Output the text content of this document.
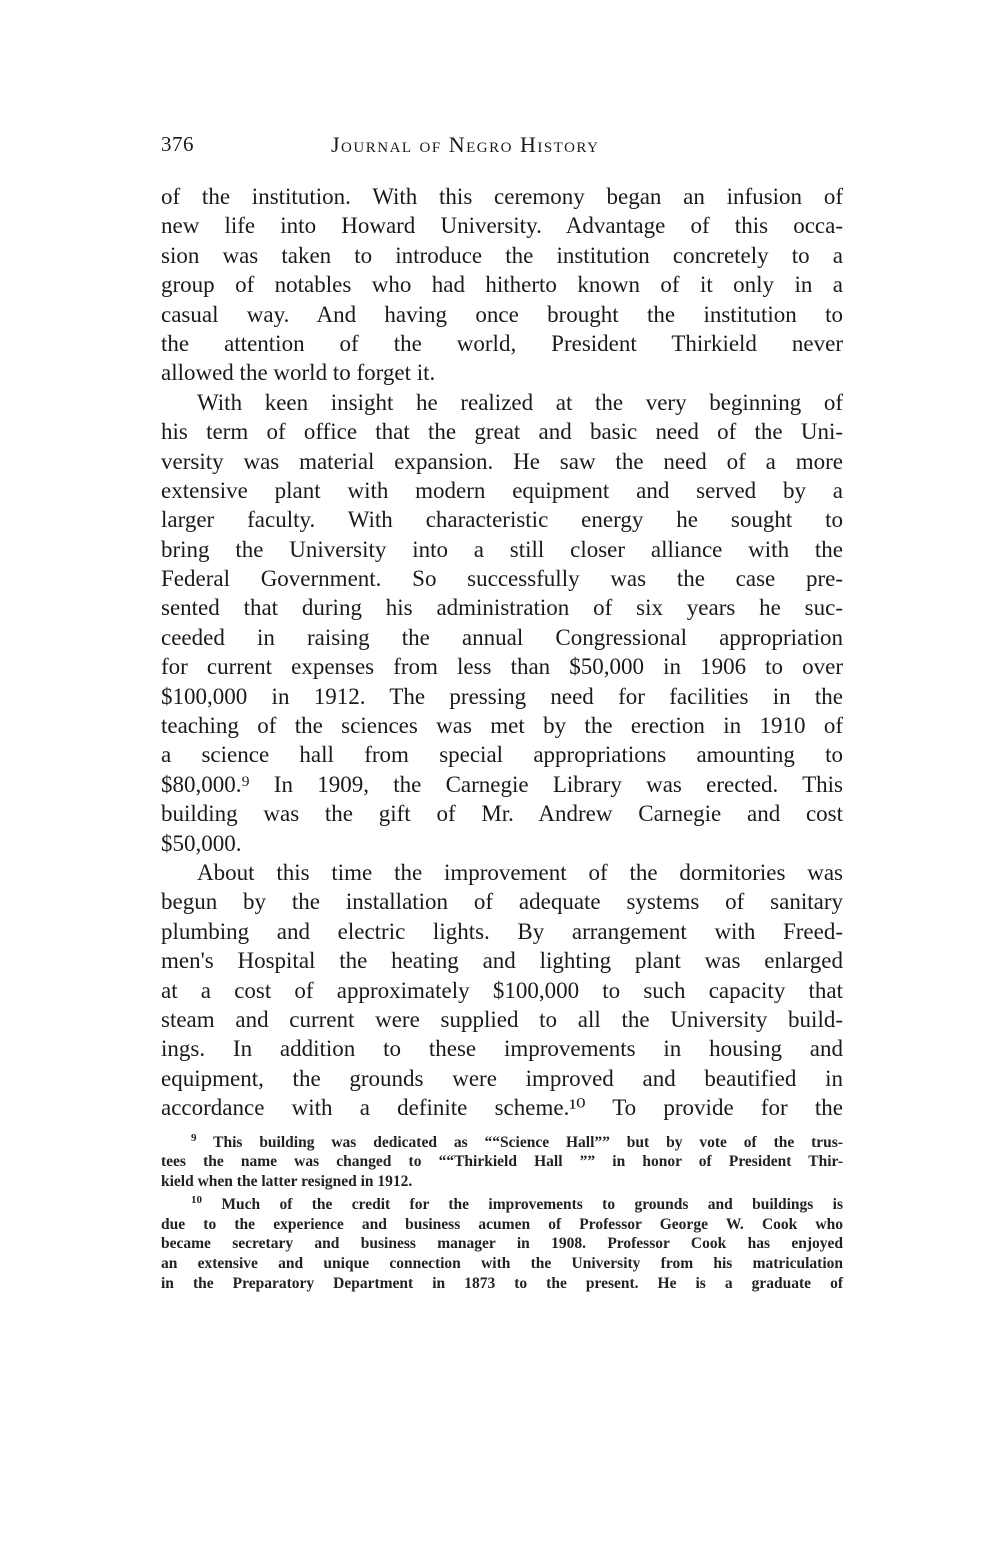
376	Journal of Negro History
of the institution. With this ceremony began an infusion of
new life into Howard University. Advantage of this occa-
sion was taken to introduce the institution concretely to a
group of notables who had hitherto known of it only in a
casual way. And having once brought the institution to
the attention of the world, President Thirkield never
allowed the world to forget it.
With keen insight he realized at the very beginning of
his term of office that the great and basic need of the Uni-
versity was material expansion. He saw the need of a more
extensive plant with modern equipment and served by a
larger faculty. With characteristic energy he sought to
bring the University into a still closer alliance with the
Federal Government. So successfully was the case pre-
sented that during his administration of six years he suc-
ceeded in raising the annual Congressional appropriation
for current expenses from less than $50,000 in 1906 to over
$100,000 in 1912. The pressing need for facilities in the
teaching of the sciences was met by the erection in 1910 of
a science hall from special appropriations amounting to
$80,000.⁹ In 1909, the Carnegie Library was erected. This
building was the gift of Mr. Andrew Carnegie and cost
$50,000.
About this time the improvement of the dormitories was
begun by the installation of adequate systems of sanitary
plumbing and electric lights. By arrangement with Freed-
men's Hospital the heating and lighting plant was enlarged
at a cost of approximately $100,000 to such capacity that
steam and current were supplied to all the University build-
ings. In addition to these improvements in housing and
equipment, the grounds were improved and beautified in
accordance with a definite scheme.¹⁰ To provide for the
$^9$ This building was dedicated as ““Science Hall”” but by vote of the trus-
tees the name was changed to ““Thirkield Hall ”” in honor of President Thir-
kield when the latter resigned in 1912.
$^{10}$ Much of the credit for the improvements to grounds and buildings is
due to the experience and business acumen of Professor George W. Cook who
became secretary and business manager in 1908. Professor Cook has enjoyed
an extensive and unique connection with the University from his matriculation
in the Preparatory Department in 1873 to the present. He is a graduate of
